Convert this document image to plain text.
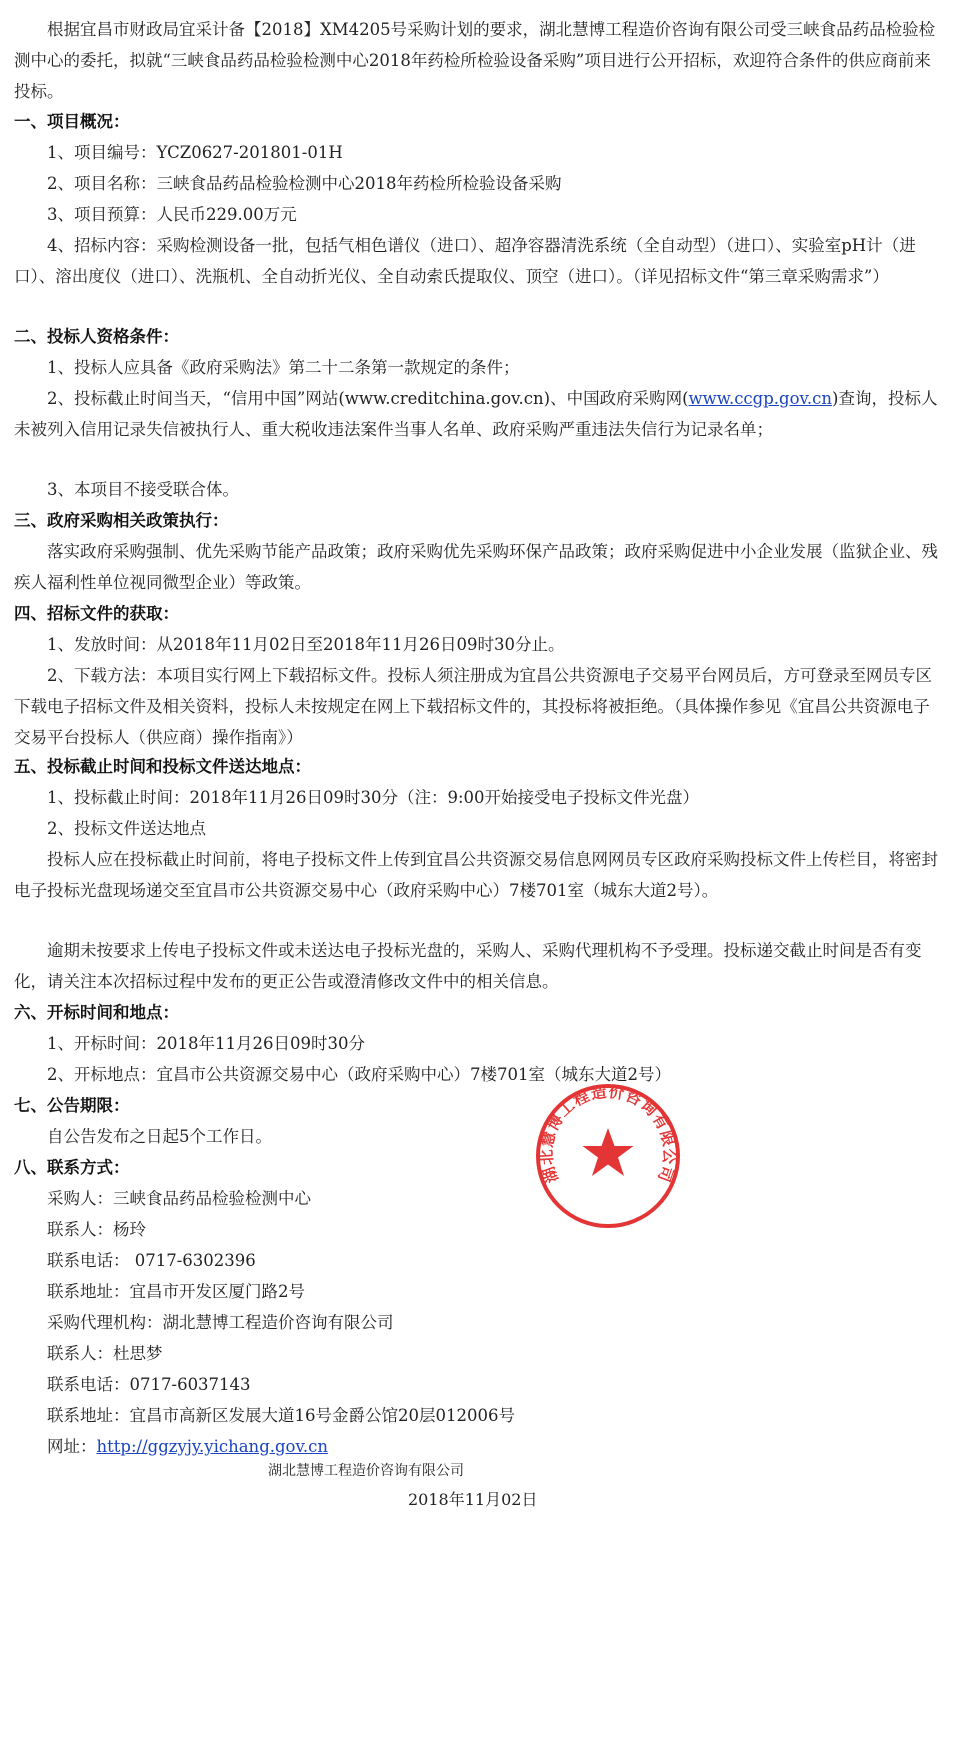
根据宜昌市财政局宜采计备【2018】XM4205号采购计划的要求，湖北慧博工程造价咨询有限公司受三峡食品药品检验检测中心的委托，拟就“三峡食品药品检验检测中心2018年药检所检验设备采购”项目进行公开招标，欢迎符合条件的供应商前来投标。
一、项目概况：
1、项目编号：YCZ0627-201801-01H
2、项目名称：三峡食品药品检验检测中心2018年药检所检验设备采购
3、项目预算：人民币229.00万元
4、招标内容：采购检测设备一批，包括气相色谱仪（进口）、超净容器清洗系统（全自动型）（进口）、实验室pH计（进口）、溶出度仪（进口）、洗瓶机、全自动折光仪、全自动索氏提取仪、顶空（进口）。（详见招标文件“第三章采购需求”）
二、投标人资格条件：
1、投标人应具备《政府采购法》第二十二条第一款规定的条件；
2、投标截止时间当天，“信用中国”网站(www.creditchina.gov.cn)、中国政府采购网(www.ccgp.gov.cn)查询，投标人未被列入信用记录失信被执行人、重大税收违法案件当事人名单、政府采购严重违法失信行为记录名单；
3、本项目不接受联合体。
三、政府采购相关政策执行：
落实政府采购强制、优先采购节能产品政策；政府采购优先采购环保产品政策；政府采购促进中小企业发展（监狱企业、残疾人福利性单位视同微型企业）等政策。
四、招标文件的获取：
1、发放时间：从2018年11月02日至2018年11月26日09时30分止。
2、下载方法：本项目实行网上下载招标文件。投标人须注册成为宜昌公共资源电子交易平台网员后，方可登录至网员专区下载电子招标文件及相关资料，投标人未按规定在网上下载招标文件的，其投标将被拒绝。（具体操作参见《宜昌公共资源电子交易平台投标人（供应商）操作指南》）
五、投标截止时间和投标文件送达地点：
1、投标截止时间：2018年11月26日09时30分（注：9:00开始接受电子投标文件光盘）
2、投标文件送达地点
投标人应在投标截止时间前，将电子投标文件上传到宜昌公共资源交易信息网网员专区政府采购投标文件上传栏目，将密封电子投标光盘现场递交至宜昌市公共资源交易中心（政府采购中心）7楼701室（城东大道2号）。
逾期未按要求上传电子投标文件或未送达电子投标光盘的，采购人、采购代理机构不予受理。投标递交截止时间是否有变化，请关注本次招标过程中发布的更正公告或澄清修改文件中的相关信息。
六、开标时间和地点：
1、开标时间：2018年11月26日09时30分
2、开标地点：宜昌市公共资源交易中心（政府采购中心）7楼701室（城东大道2号）
七、公告期限：
自公告发布之日起5个工作日。
八、联系方式：
采购人：三峡食品药品检验检测中心
联系人：杨玲
联系电话： 0717-6302396
联系地址：宜昌市开发区厦门路2号
采购代理机构：湖北慧博工程造价咨询有限公司
联系人：杜思梦
联系电话：0717-6037143
联系地址：宜昌市高新区发展大道16号金爵公馆20层012006号
网址：http://ggzyjy.yichang.gov.cn
湖北慧博工程造价咨询有限公司
2018年11月02日
湖北慧博工程造价咨询有限公司
